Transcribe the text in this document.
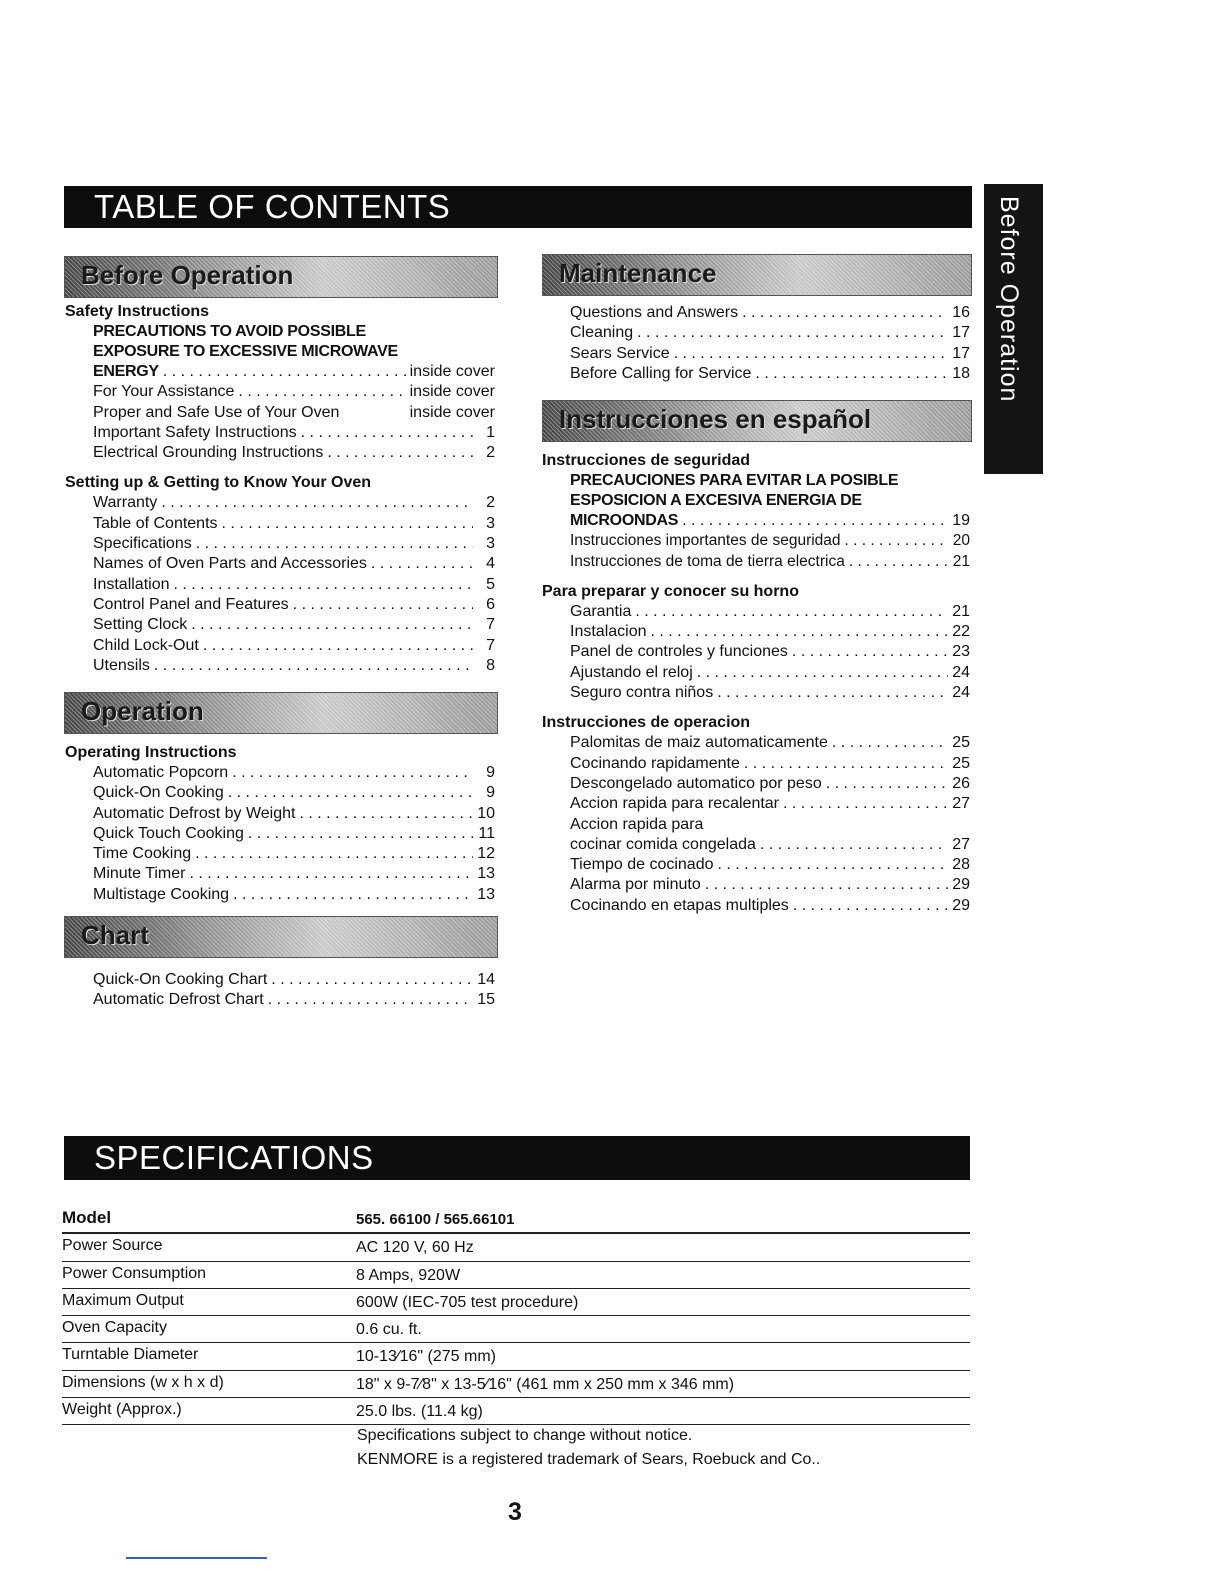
TABLE OF CONTENTS	Before Operation
Before Operation
Safety Instructions
PRECAUTIONS TO AVOID POSSIBLE
EXPOSURE TO EXCESSIVE MICROWAVE
ENERGY . . .	inside cover
For Your Assistance . . .	inside cover
Proper and Safe Use of Your Oven	inside cover
Important Safety Instructions . . .	1
Electrical Grounding Instructions . . .	2
Setting up & Getting to Know Your Oven
Warranty . . .	2
Table of Contents . . .	3
Specifications . . .	3
Names of Oven Parts and Accessories . . .	4
Installation . . .	5
Control Panel and Features . . .	6
Setting Clock . . .	7
Child Lock-Out . . .	7
Utensils . . .	8
Operation
Operating Instructions
Automatic Popcorn . . .	9
Quick-On Cooking . . .	9
Automatic Defrost by Weight . . .	10
Quick Touch Cooking . . .	11
Time Cooking . . .	12
Minute Timer . . .	13
Multistage Cooking . . .	13
Chart
Quick-On Cooking Chart . . .	14
Automatic Defrost Chart . . .	15
Maintenance
Questions and Answers . . .	16
Cleaning . . .	17
Sears Service . . .	17
Before Calling for Service . . .	18
Instrucciones en español
Instrucciones de seguridad
PRECAUCIONES PARA EVITAR LA POSIBLE
ESPOSICION A EXCESIVA ENERGIA DE
MICROONDAS . . .	19
Instrucciones importantes de seguridad . . .	20
Instrucciones de toma de tierra electrica . . .	21
Para preparar y conocer su horno
Garantia . . .	21
Instalacion . . .	22
Panel de controles y funciones . . .	23
Ajustando el reloj . . .	24
Seguro contra niños . . .	24
Instrucciones de operacion
Palomitas de maiz automaticamente . . .	25
Cocinando rapidamente . . .	25
Descongelado automatico por peso . . .	26
Accion rapida para recalentar . . .	27
Accion rapida para
cocinar comida congelada . . .	27
Tiempo de cocinado . . .	28
Alarma por minuto . . .	29
Cocinando en etapas multiples . . .	29
SPECIFICATIONS
Model	565. 66100 / 565.66101
Power Source	AC 120 V, 60 Hz
Power Consumption	8 Amps, 920W
Maximum Output	600W (IEC-705 test procedure)
Oven Capacity	0.6 cu. ft.
Turntable Diameter	10-13⁄16" (275 mm)
Dimensions (w x h x d)	18" x 9-7⁄8" x 13-5⁄16" (461 mm x 250 mm x 346 mm)
Weight (Approx.)	25.0 lbs. (11.4 kg)
Specifications subject to change without notice.
KENMORE is a registered trademark of Sears, Roebuck and Co..
3
